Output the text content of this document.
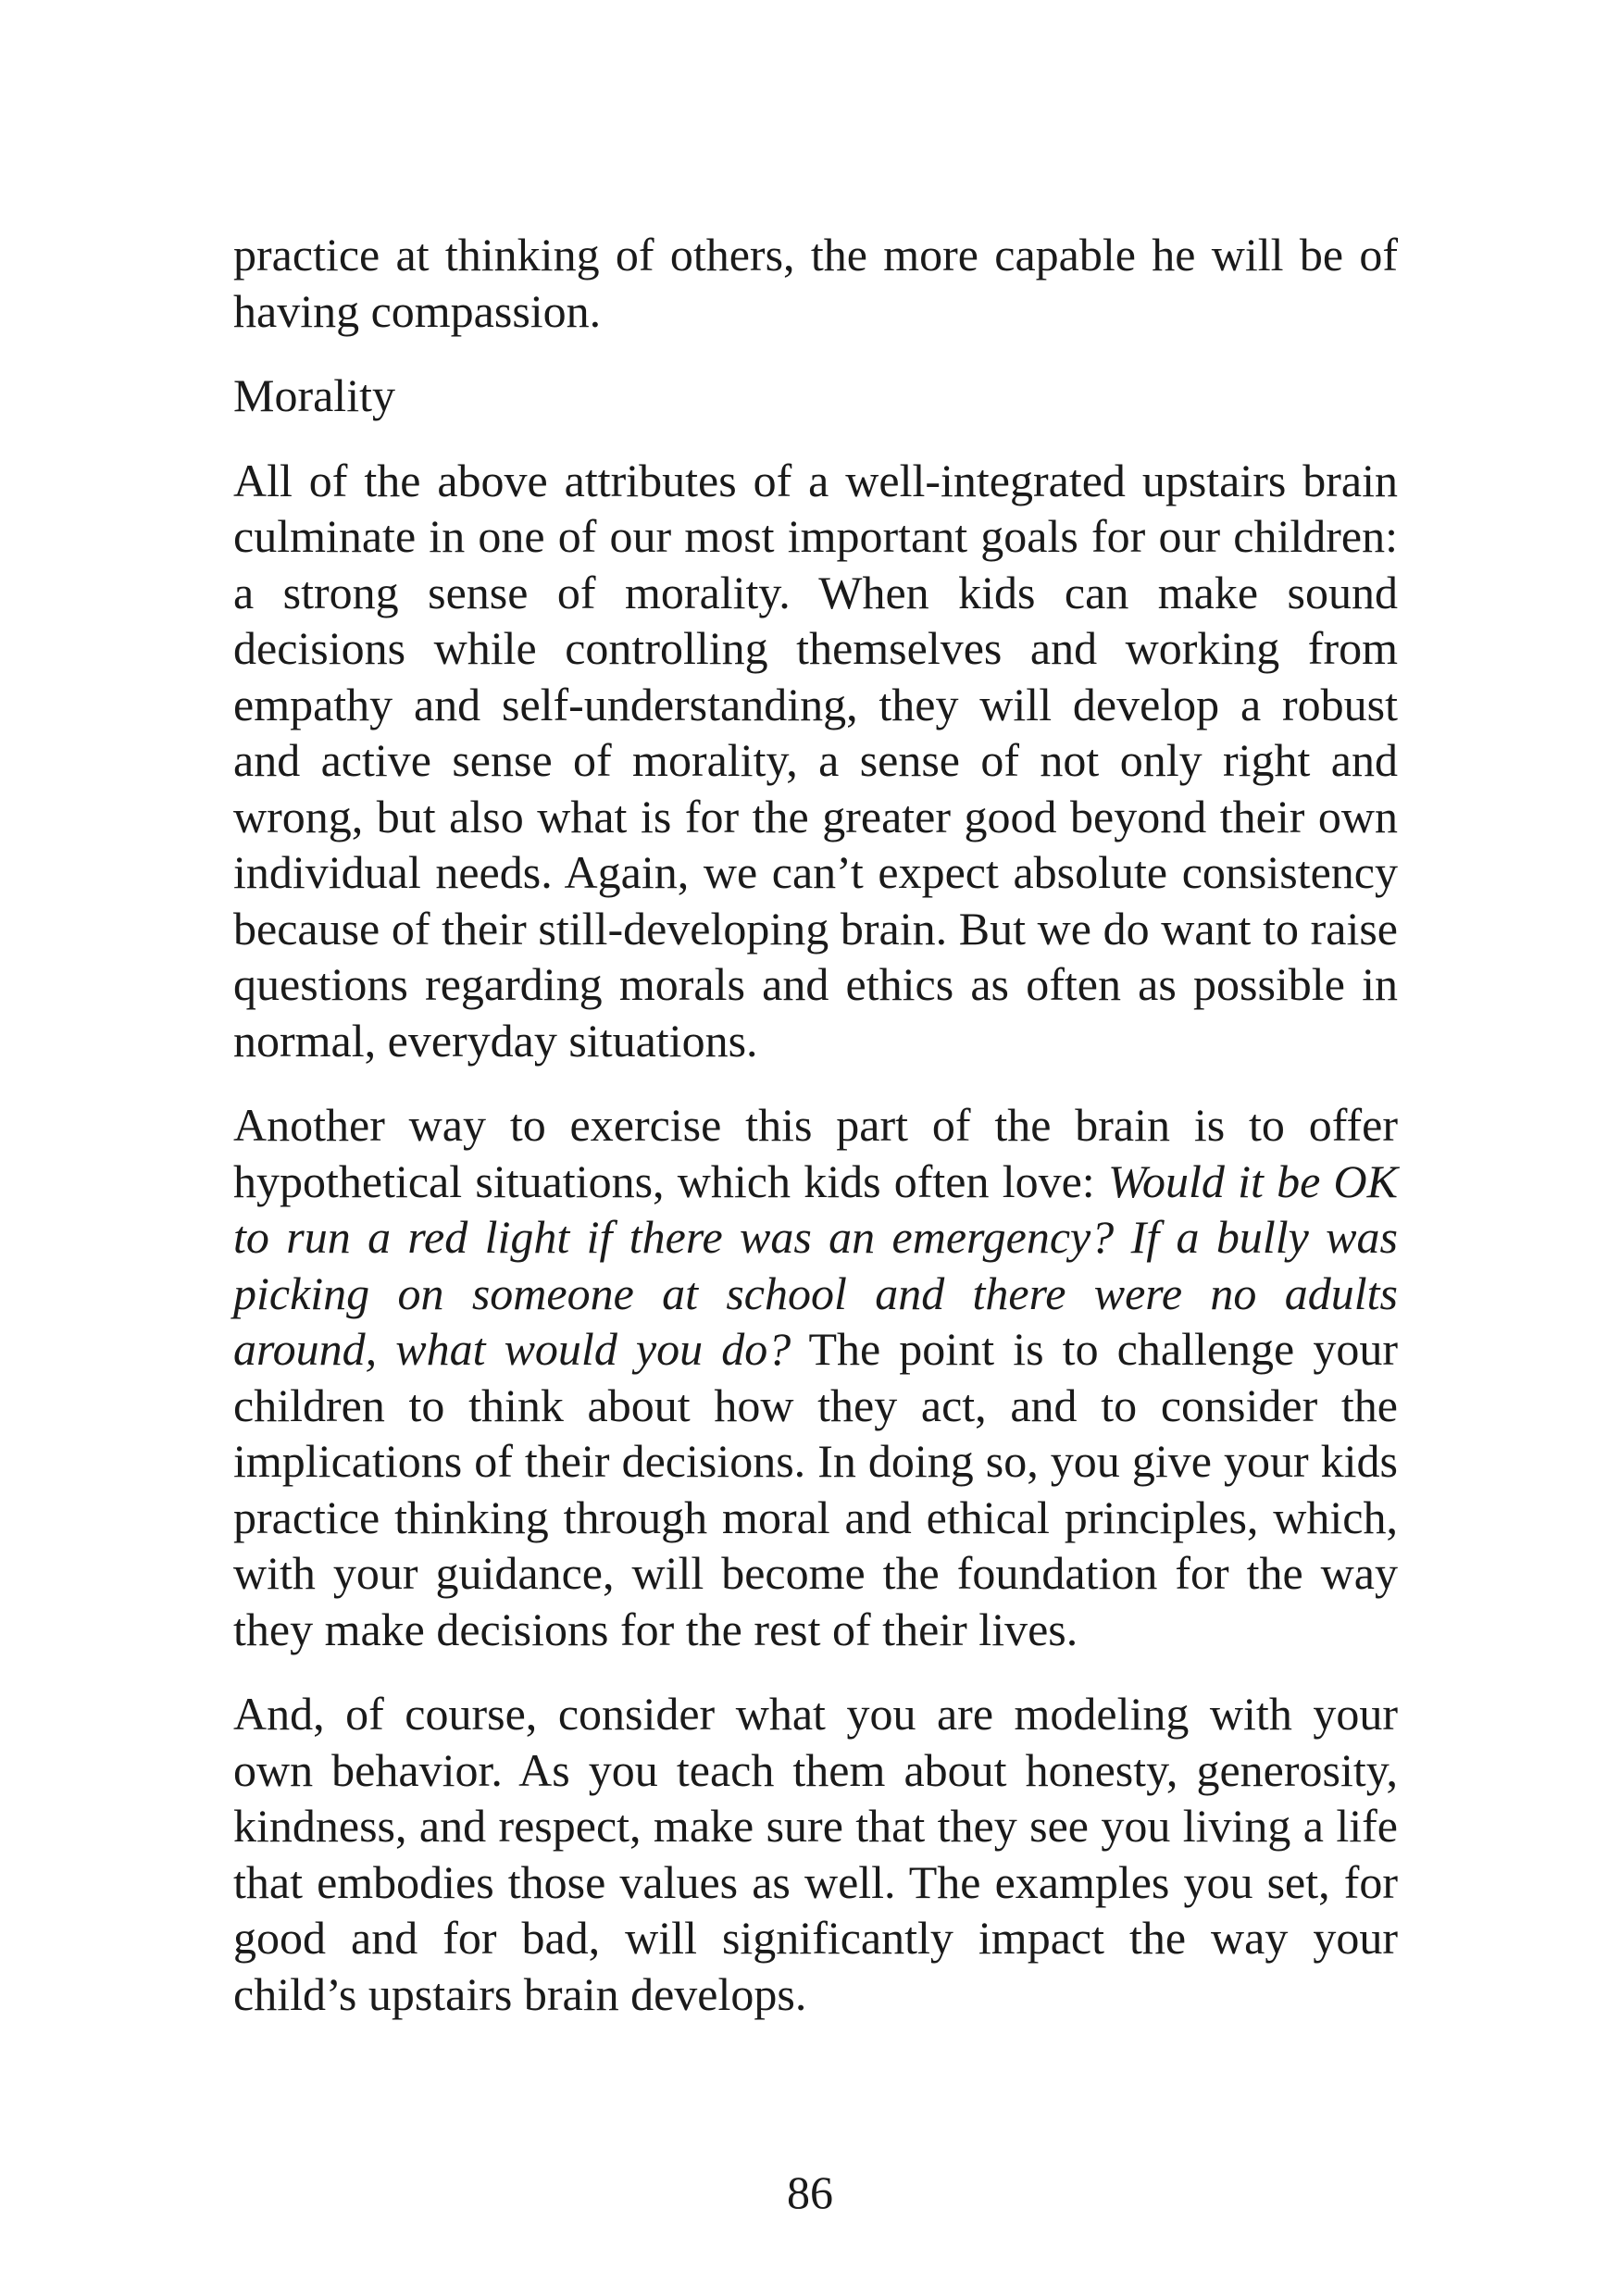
practice at thinking of others, the more capable he will be of having compassion.

Morality

All of the above attributes of a well-integrated upstairs brain culminate in one of our most important goals for our children: a strong sense of morality. When kids can make sound decisions while controlling themselves and working from empathy and self-understanding, they will develop a robust and active sense of morality, a sense of not only right and wrong, but also what is for the greater good beyond their own individual needs. Again, we can’t expect absolute consistency because of their still-developing brain. But we do want to raise questions regarding morals and ethics as often as possible in normal, everyday situations.

Another way to exercise this part of the brain is to offer hypothetical situations, which kids often love: Would it be OK to run a red light if there was an emergency? If a bully was picking on someone at school and there were no adults around, what would you do? The point is to challenge your children to think about how they act, and to consider the implications of their decisions. In doing so, you give your kids practice thinking through moral and ethical principles, which, with your guidance, will become the foundation for the way they make decisions for the rest of their lives.

And, of course, consider what you are modeling with your own behavior. As you teach them about honesty, generosity, kindness, and respect, make sure that they see you living a life that embodies those values as well. The examples you set, for good and for bad, will significantly impact the way your child’s upstairs brain develops.

86
